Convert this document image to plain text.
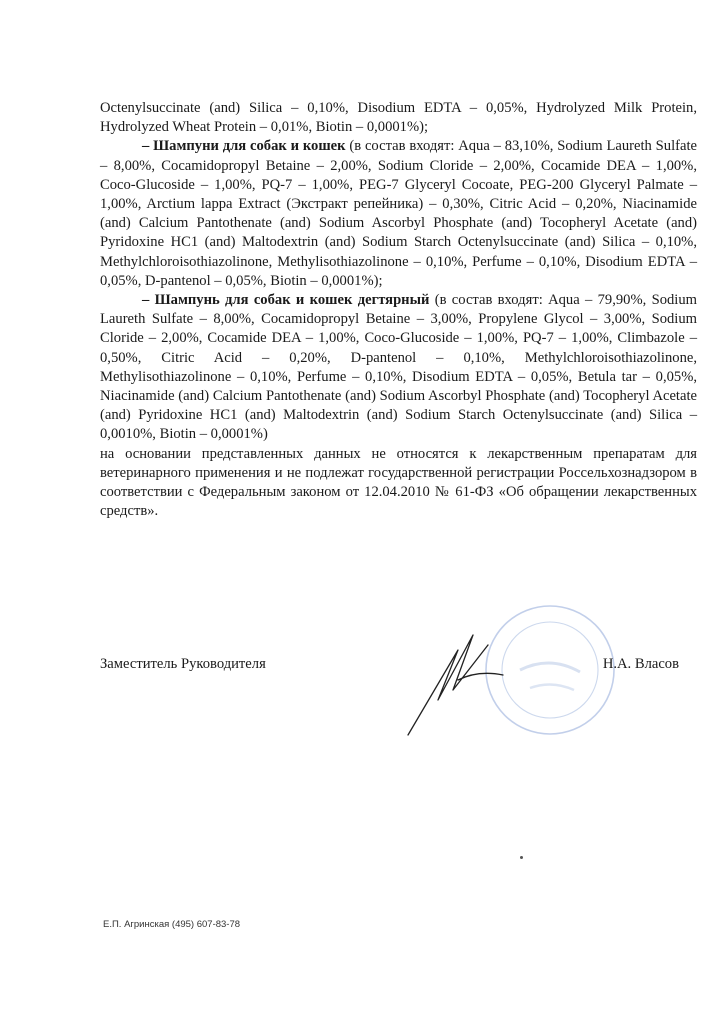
Octenylsuccinate (and) Silica – 0,10%, Disodium EDTA – 0,05%, Hydrolyzed Milk Protein, Hydrolyzed Wheat Protein – 0,01%, Biotin – 0,0001%);

– Шампуни для собак и кошек (в состав входят: Aqua – 83,10%, Sodium Laureth Sulfate – 8,00%, Cocamidopropyl Betaine – 2,00%, Sodium Cloride – 2,00%, Cocamide DEA – 1,00%, Coco-Glucoside – 1,00%, PQ-7 – 1,00%, PEG-7 Glyceryl Cocoate, PEG-200 Glyceryl Palmate – 1,00%, Arctium lappa Extract (Экстракт репейника) – 0,30%, Citric Acid – 0,20%, Niacinamide (and) Calcium Pantothenate (and) Sodium Ascorbyl Phosphate (and) Tocopheryl Acetate (and) Pyridoxine HC1 (and) Maltodextrin (and) Sodium Starch Octenylsuccinate (and) Silica – 0,10%, Methylchloroisothiazolinone, Methylisothiazolinone – 0,10%, Perfume – 0,10%, Disodium EDTA – 0,05%, D-pantenol – 0,05%, Biotin – 0,0001%);

– Шампунь для собак и кошек дегтярный (в состав входят: Aqua – 79,90%, Sodium Laureth Sulfate – 8,00%, Cocamidopropyl Betaine – 3,00%, Propylene Glycol – 3,00%, Sodium Cloride – 2,00%, Cocamide DEA – 1,00%, Coco-Glucoside – 1,00%, PQ-7 – 1,00%, Climbazole – 0,50%, Citric Acid – 0,20%, D-pantenol – 0,10%, Methylchloroisothiazolinone, Methylisothiazolinone – 0,10%, Perfume – 0,10%, Disodium EDTA – 0,05%, Betula tar – 0,05%, Niacinamide (and) Calcium Pantothenate (and) Sodium Ascorbyl Phosphate (and) Tocopheryl Acetate (and) Pyridoxine HC1 (and) Maltodextrin (and) Sodium Starch Octenylsuccinate (and) Silica – 0,0010%, Biotin – 0,0001%)

на основании представленных данных не относятся к лекарственным препаратам для ветеринарного применения и не подлежат государственной регистрации Россельхознадзором в соответствии с Федеральным законом от 12.04.2010 № 61-ФЗ «Об обращении лекарственных средств».

Заместитель Руководителя	Н.А. Власов
Е.П. Агринская (495) 607-83-78
